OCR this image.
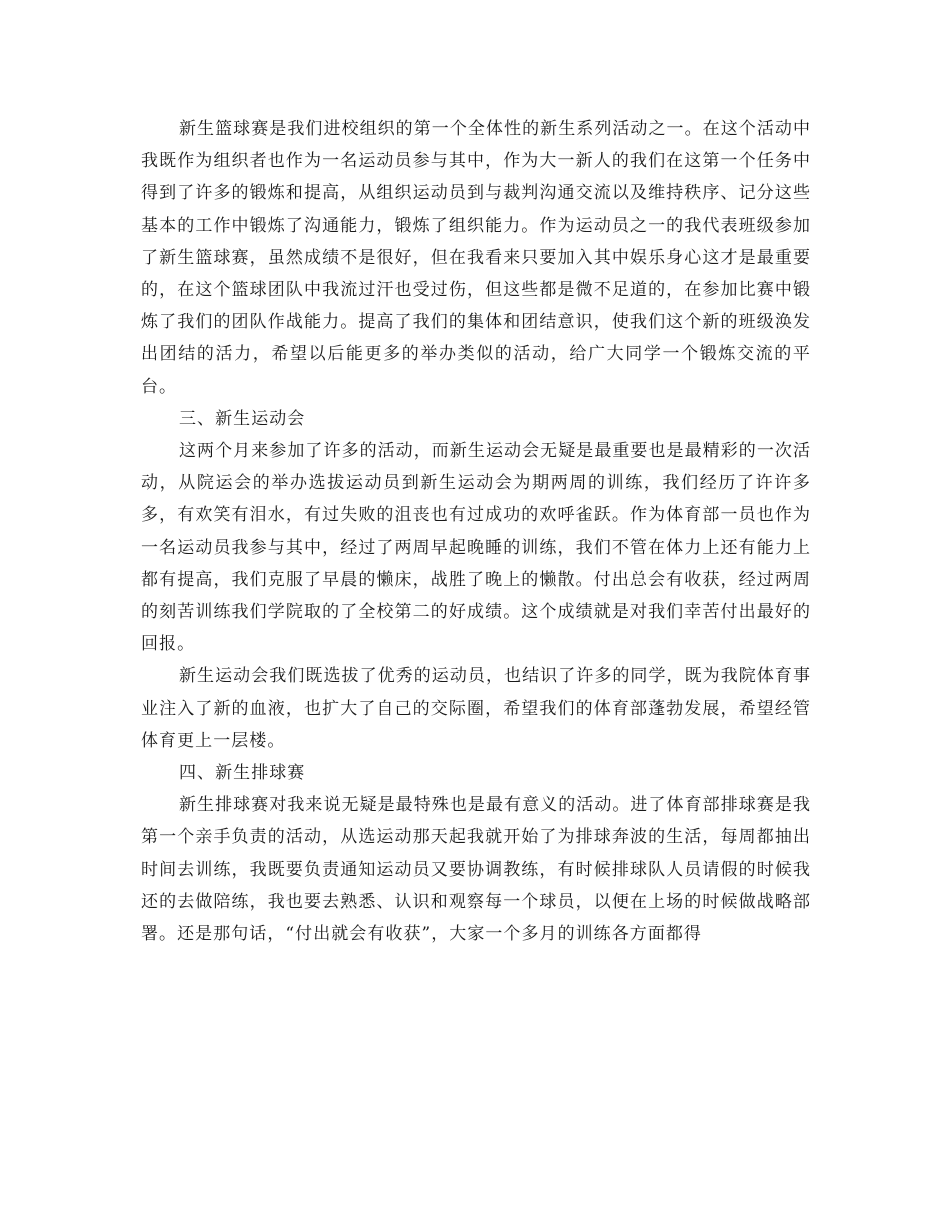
新生篮球赛是我们进校组织的第一个全体性的新生系列活动之一。在这个活动中我既作为组织者也作为一名运动员参与其中，作为大一新人的我们在这第一个任务中得到了许多的锻炼和提高，从组织运动员到与裁判沟通交流以及维持秩序、记分这些基本的工作中锻炼了沟通能力，锻炼了组织能力。作为运动员之一的我代表班级参加了新生篮球赛，虽然成绩不是很好，但在我看来只要加入其中娱乐身心这才是最重要的，在这个篮球团队中我流过汗也受过伤，但这些都是微不足道的，在参加比赛中锻炼了我们的团队作战能力。提高了我们的集体和团结意识，使我们这个新的班级涣发出团结的活力，希望以后能更多的举办类似的活动，给广大同学一个锻炼交流的平台。

三、新生运动会

这两个月来参加了许多的活动，而新生运动会无疑是最重要也是最精彩的一次活动，从院运会的举办选拔运动员到新生运动会为期两周的训练，我们经历了许许多多，有欢笑有泪水，有过失败的沮丧也有过成功的欢呼雀跃。作为体育部一员也作为一名运动员我参与其中，经过了两周早起晚睡的训练，我们不管在体力上还有能力上都有提高，我们克服了早晨的懒床，战胜了晚上的懒散。付出总会有收获，经过两周的刻苦训练我们学院取的了全校第二的好成绩。这个成绩就是对我们幸苦付出最好的回报。

新生运动会我们既选拔了优秀的运动员，也结识了许多的同学，既为我院体育事业注入了新的血液，也扩大了自己的交际圈，希望我们的体育部蓬勃发展，希望经管体育更上一层楼。

四、新生排球赛

新生排球赛对我来说无疑是最特殊也是最有意义的活动。进了体育部排球赛是我第一个亲手负责的活动，从选运动那天起我就开始了为排球奔波的生活，每周都抽出时间去训练，我既要负责通知运动员又要协调教练，有时候排球队人员请假的时候我还的去做陪练，我也要去熟悉、认识和观察每一个球员，以便在上场的时候做战略部署。还是那句话，“付出就会有收获”，大家一个多月的训练各方面都得
